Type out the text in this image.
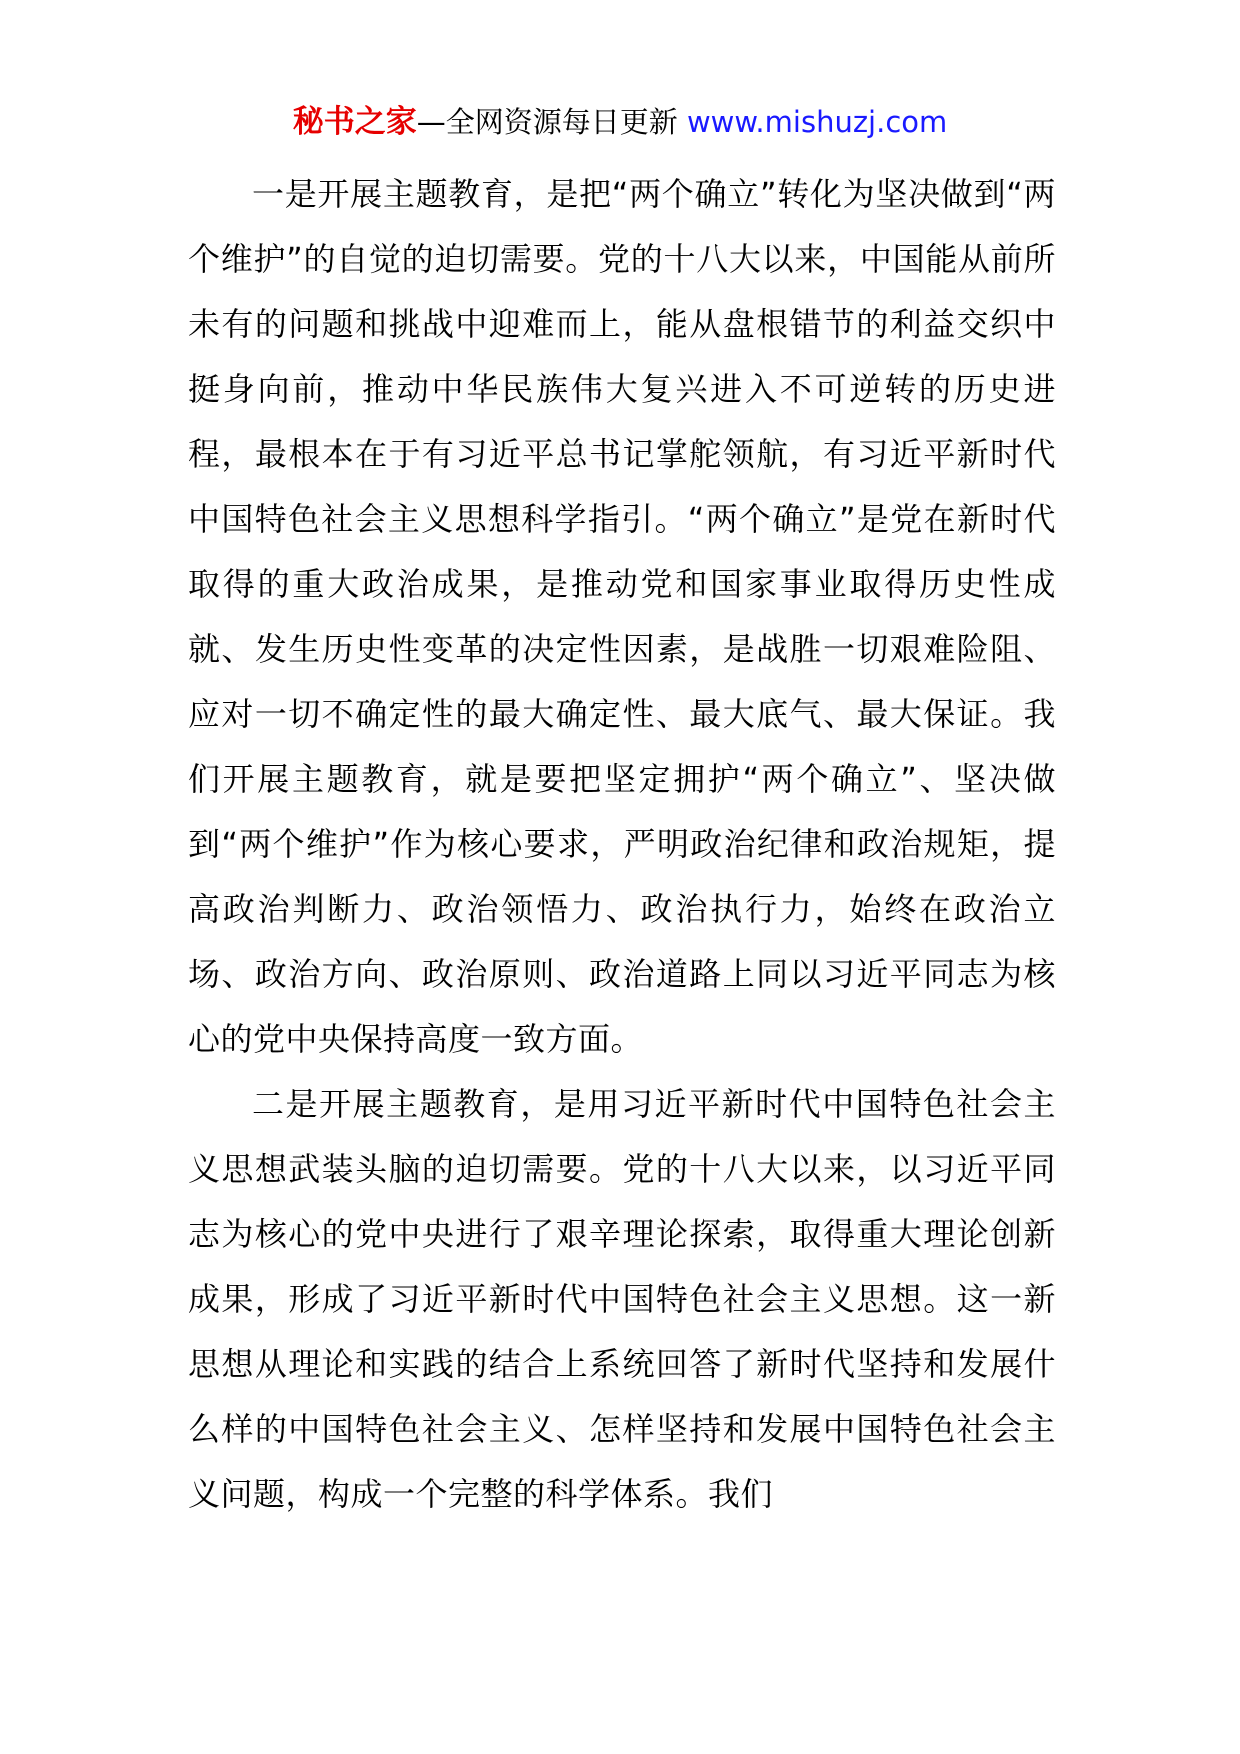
秘书之家—全网资源每日更新 www.mishuzj.com

一是开展主题教育，是把“两个确立”转化为坚决做到“两个维护”的自觉的迫切需要。党的十八大以来，中国能从前所未有的问题和挑战中迎难而上，能从盘根错节的利益交织中挺身向前，推动中华民族伟大复兴进入不可逆转的历史进程，最根本在于有习近平总书记掌舵领航，有习近平新时代中国特色社会主义思想科学指引。“两个确立”是党在新时代取得的重大政治成果，是推动党和国家事业取得历史性成就、发生历史性变革的决定性因素，是战胜一切艰难险阻、应对一切不确定性的最大确定性、最大底气、最大保证。我们开展主题教育，就是要把坚定拥护“两个确立”、坚决做到“两个维护”作为核心要求，严明政治纪律和政治规矩，提高政治判断力、政治领悟力、政治执行力，始终在政治立场、政治方向、政治原则、政治道路上同以习近平同志为核心的党中央保持高度一致方面。

二是开展主题教育，是用习近平新时代中国特色社会主义思想武装头脑的迫切需要。党的十八大以来，以习近平同志为核心的党中央进行了艰辛理论探索，取得重大理论创新成果，形成了习近平新时代中国特色社会主义思想。这一新思想从理论和实践的结合上系统回答了新时代坚持和发展什么样的中国特色社会主义、怎样坚持和发展中国特色社会主义问题，构成一个完整的科学体系。我们
